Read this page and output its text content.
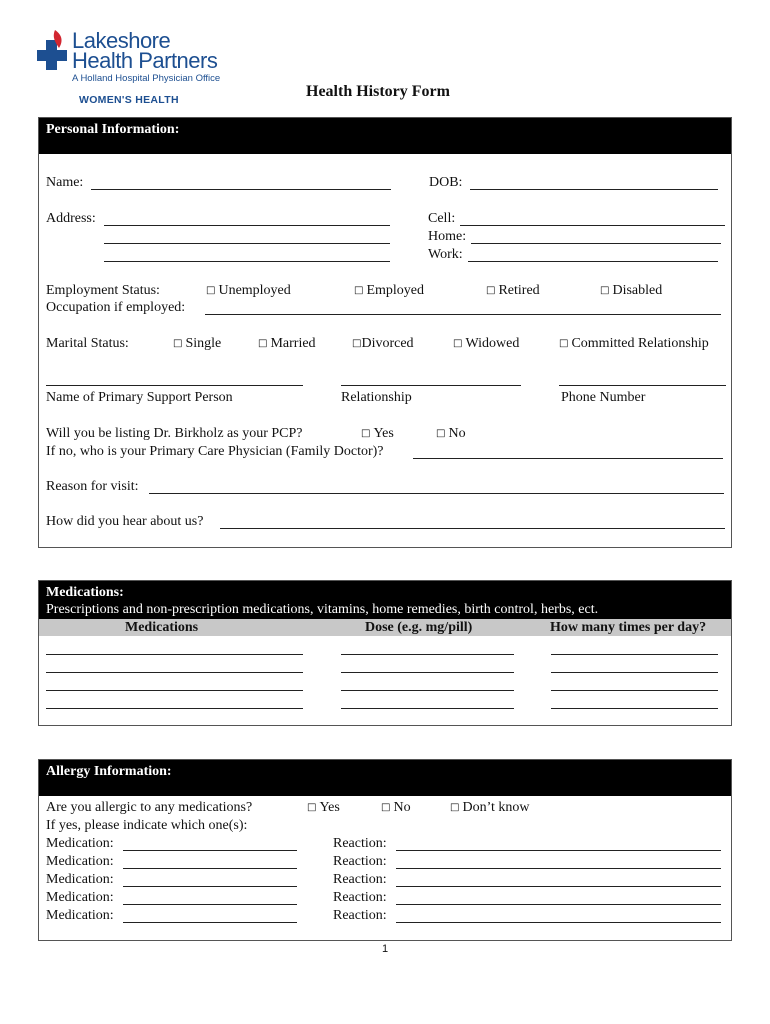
Lakeshore
Health Partners
A Holland Hospital Physician Office
WOMEN'S HEALTH	Health History Form
Personal Information:
Name:	DOB:
Address:	Cell:
Home:
Work:
Employment Status:	□ Unemployed	□ Employed	□ Retired	□ Disabled
Occupation if employed:
Marital Status:	□ Single	□ Married	□Divorced	□ Widowed	□ Committed Relationship
Name of Primary Support Person	Relationship	Phone Number
Will you be listing Dr. Birkholz as your PCP?	□ Yes	□ No
If no, who is your Primary Care Physician (Family Doctor)?
Reason for visit:
How did you hear about us?
Medications:
Prescriptions and non-prescription medications, vitamins, home remedies, birth control, herbs, ect.
Medications	Dose (e.g. mg/pill)	How many times per day?
Allergy Information:
Are you allergic to any medications?	□ Yes	□ No	□ Don’t know
If yes, please indicate which one(s):
Medication:	Reaction:
Medication:	Reaction:
Medication:	Reaction:
Medication:	Reaction:
Medication:	Reaction:
1
